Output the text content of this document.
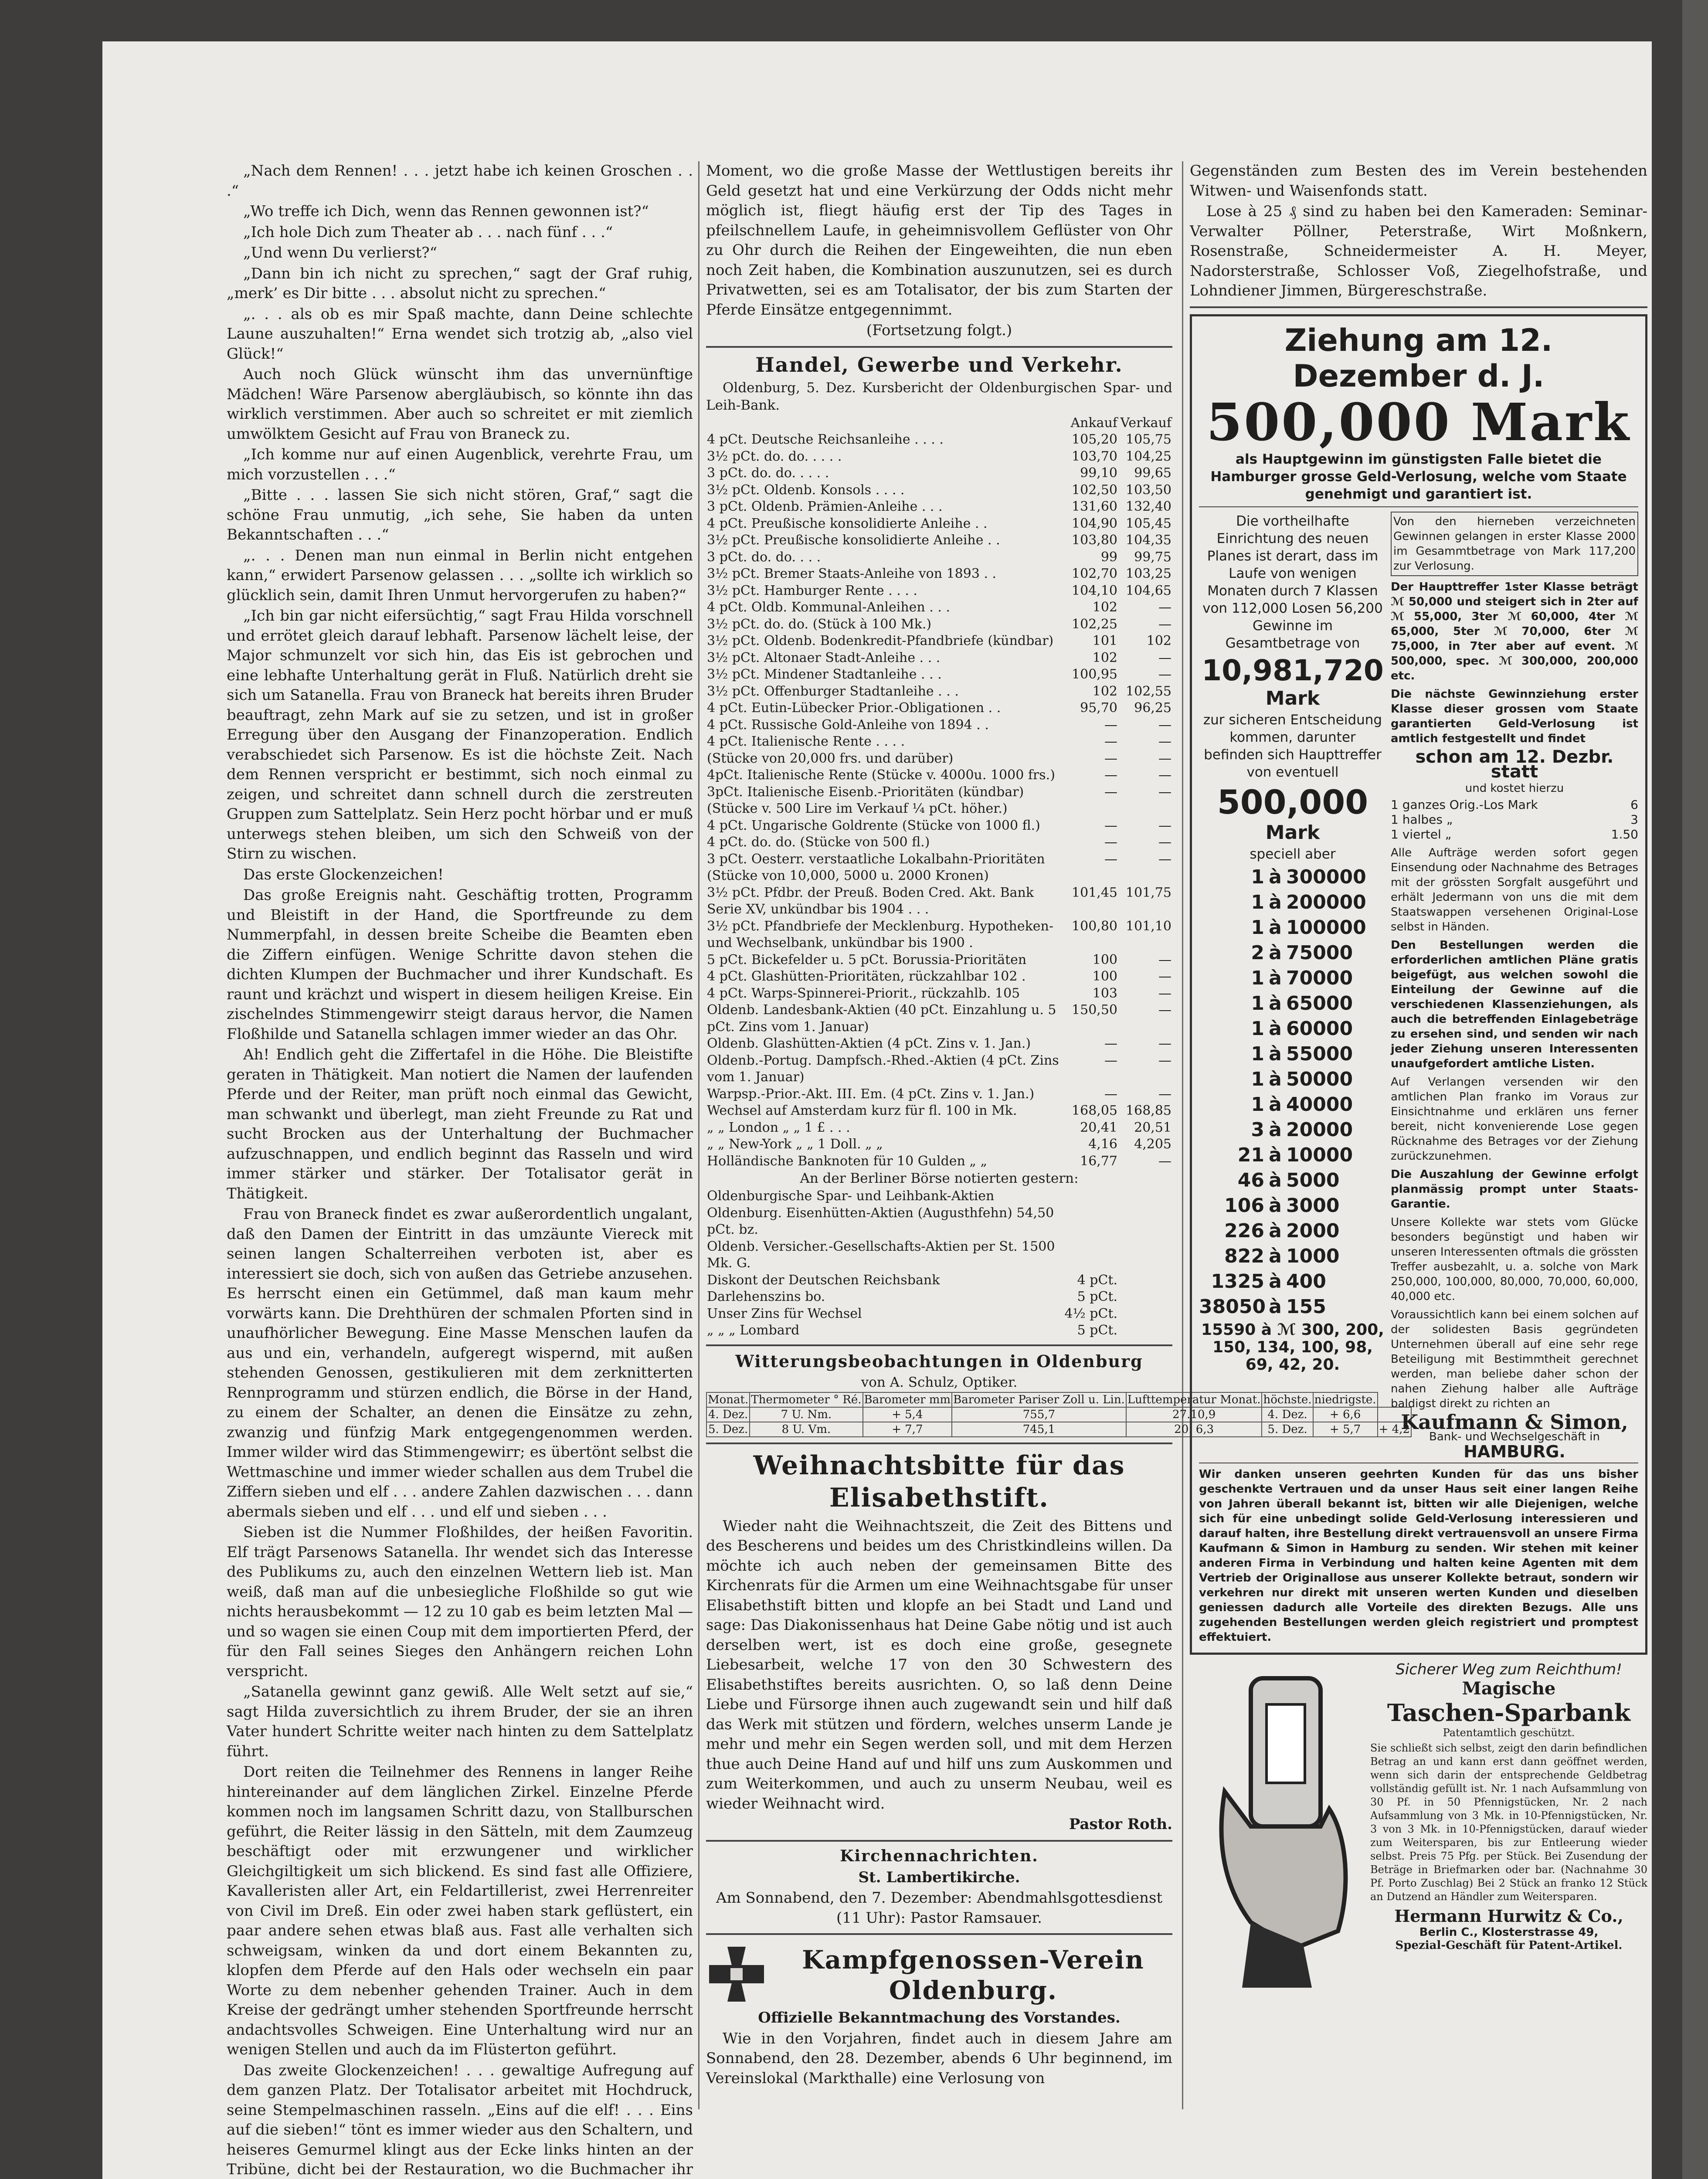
„Nach dem Rennen! . . . jetzt habe ich keinen Groschen . . .“

„Wo treffe ich Dich, wenn das Rennen gewonnen ist?“

„Ich hole Dich zum Theater ab . . . nach fünf . . .“

„Und wenn Du verlierst?“

„Dann bin ich nicht zu sprechen,“ sagt der Graf ruhig, „merk’ es Dir bitte . . . absolut nicht zu sprechen.“

„. . . als ob es mir Spaß machte, dann Deine schlechte Laune auszuhalten!“ Erna wendet sich trotzig ab, „also viel Glück!“

Auch noch Glück wünscht ihm das unvernünftige Mädchen! Wäre Parsenow abergläubisch, so könnte ihn das wirklich verstimmen. Aber auch so schreitet er mit ziemlich umwölktem Gesicht auf Frau von Braneck zu.

„Ich komme nur auf einen Augenblick, verehrte Frau, um mich vorzustellen . . .“

„Bitte . . . lassen Sie sich nicht stören, Graf,“ sagt die schöne Frau unmutig, „ich sehe, Sie haben da unten Bekanntschaften . . .“

„. . . Denen man nun einmal in Berlin nicht entgehen kann,“ erwidert Parsenow gelassen . . . „sollte ich wirklich so glücklich sein, damit Ihren Unmut hervorgerufen zu haben?“

„Ich bin gar nicht eifersüchtig,“ sagt Frau Hilda vorschnell und errötet gleich darauf lebhaft. Parsenow lächelt leise, der Major schmunzelt vor sich hin, das Eis ist gebrochen und eine lebhafte Unterhaltung gerät in Fluß. Natürlich dreht sie sich um Satanella. Frau von Braneck hat bereits ihren Bruder beauftragt, zehn Mark auf sie zu setzen, und ist in großer Erregung über den Ausgang der Finanzoperation. Endlich verabschiedet sich Parsenow. Es ist die höchste Zeit. Nach dem Rennen verspricht er bestimmt, sich noch einmal zu zeigen, und schreitet dann schnell durch die zerstreuten Gruppen zum Sattelplatz. Sein Herz pocht hörbar und er muß unterwegs stehen bleiben, um sich den Schweiß von der Stirn zu wischen.

Das erste Glockenzeichen!

Das große Ereignis naht. Geschäftig trotten, Programm und Bleistift in der Hand, die Sportfreunde zu dem Nummerpfahl, in dessen breite Scheibe die Beamten eben die Ziffern einfügen. Wenige Schritte davon stehen die dichten Klumpen der Buchmacher und ihrer Kundschaft. Es raunt und krächzt und wispert in diesem heiligen Kreise. Ein zischelndes Stimmengewirr steigt daraus hervor, die Namen Floßhilde und Satanella schlagen immer wieder an das Ohr.

Ah! Endlich geht die Ziffertafel in die Höhe. Die Bleistifte geraten in Thätigkeit. Man notiert die Namen der laufenden Pferde und der Reiter, man prüft noch einmal das Gewicht, man schwankt und überlegt, man zieht Freunde zu Rat und sucht Brocken aus der Unterhaltung der Buchmacher aufzuschnappen, und endlich beginnt das Rasseln und wird immer stärker und stärker. Der Totalisator gerät in Thätigkeit.

Frau von Braneck findet es zwar außerordentlich ungalant, daß den Damen der Eintritt in das umzäunte Viereck mit seinen langen Schalterreihen verboten ist, aber es interessiert sie doch, sich von außen das Getriebe anzusehen. Es herrscht einen ein Getümmel, daß man kaum mehr vorwärts kann. Die Drehthüren der schmalen Pforten sind in unaufhörlicher Bewegung. Eine Masse Menschen laufen da aus und ein, verhandeln, aufgeregt wispernd, mit außen stehenden Genossen, gestikulieren mit dem zerknitterten Rennprogramm und stürzen endlich, die Börse in der Hand, zu einem der Schalter, an denen die Einsätze zu zehn, zwanzig und fünfzig Mark entgegengenommen werden. Immer wilder wird das Stimmengewirr; es übertönt selbst die Wettmaschine und immer wieder schallen aus dem Trubel die Ziffern sieben und elf . . . andere Zahlen dazwischen . . . dann abermals sieben und elf . . . und elf und sieben . . .

Sieben ist die Nummer Floßhildes, der heißen Favoritin. Elf trägt Parsenows Satanella. Ihr wendet sich das Interesse des Publikums zu, auch den einzelnen Wettern lieb ist. Man weiß, daß man auf die unbesiegliche Floßhilde so gut wie nichts herausbekommt — 12 zu 10 gab es beim letzten Mal — und so wagen sie einen Coup mit dem importierten Pferd, der für den Fall seines Sieges den Anhängern reichen Lohn verspricht.

„Satanella gewinnt ganz gewiß. Alle Welt setzt auf sie,“ sagt Hilda zuversichtlich zu ihrem Bruder, der sie an ihren Vater hundert Schritte weiter nach hinten zu dem Sattelplatz führt.

Dort reiten die Teilnehmer des Rennens in langer Reihe hintereinander auf dem länglichen Zirkel. Einzelne Pferde kommen noch im langsamen Schritt dazu, von Stallburschen geführt, die Reiter lässig in den Sätteln, mit dem Zaumzeug beschäftigt oder mit erzwungener und wirklicher Gleichgiltigkeit um sich blickend. Es sind fast alle Offiziere, Kavalleristen aller Art, ein Feldartillerist, zwei Herrenreiter von Civil im Dreß. Ein oder zwei haben stark geflüstert, ein paar andere sehen etwas blaß aus. Fast alle verhalten sich schweigsam, winken da und dort einem Bekannten zu, klopfen dem Pferde auf den Hals oder wechseln ein paar Worte zu dem nebenher gehenden Trainer. Auch in dem Kreise der gedrängt umher stehenden Sportfreunde herrscht andachtsvolles Schweigen. Eine Unterhaltung wird nur an wenigen Stellen und auch da im Flüsterton geführt.

Das zweite Glockenzeichen! . . . gewaltige Aufregung auf dem ganzen Platz. Der Totalisator arbeitet mit Hochdruck, seine Stempelmaschinen rasseln. „Eins auf die elf! . . . Eins auf die sieben!“ tönt es immer wieder aus den Schaltern, und heiseres Gemurmel klingt aus der Ecke links hinten an der Tribüne, dicht bei der Restauration, wo die Buchmacher ihr

Moment, wo die große Masse der Wettlustigen bereits ihr Geld gesetzt hat und eine Verkürzung der Odds nicht mehr möglich ist, fliegt häufig erst der Tip des Tages in pfeilschnellem Laufe, in geheimnisvollem Geflüster von Ohr zu Ohr durch die Reihen der Eingeweihten, die nun eben noch Zeit haben, die Kombination auszunutzen, sei es durch Privatwetten, sei es am Totalisator, der bis zum Starten der Pferde Einsätze entgegennimmt.

(Fortsetzung folgt.)

Handel, Gewerbe und Verkehr.

Oldenburg, 5. Dez. Kursbericht der Oldenburgischen Spar- und Leih-Bank.

	Ankauf	Verkauf
4 pCt. Deutsche Reichsanleihe . . . .	105,20	105,75
3½ pCt. do. do. . . . .	103,70	104,25
3 pCt. do. do. . . . .	99,10	99,65
3½ pCt. Oldenb. Konsols . . . .	102,50	103,50
3 pCt. Oldenb. Prämien-Anleihe . . .	131,60	132,40
4 pCt. Preußische konsolidierte Anleihe . .	104,90	105,45
3½ pCt. Preußische konsolidierte Anleihe . .	103,80	104,35
3 pCt. do. do. . . .	99	99,75
3½ pCt. Bremer Staats-Anleihe von 1893 . .	102,70	103,25
3½ pCt. Hamburger Rente . . . .	104,10	104,65
4 pCt. Oldb. Kommunal-Anleihen . . .	102	—
3½ pCt. do. do. (Stück à 100 Mk.)	102,25	—
3½ pCt. Oldenb. Bodenkredit-Pfandbriefe (kündbar)	101	102
3½ pCt. Altonaer Stadt-Anleihe . . .	102	—
3½ pCt. Mindener Stadtanleihe . . .	100,95	—
3½ pCt. Offenburger Stadtanleihe . . .	102	102,55
4 pCt. Eutin-Lübecker Prior.-Obligationen . .	95,70	96,25
4 pCt. Russische Gold-Anleihe von 1894 . .	—	—
4 pCt. Italienische Rente . . . .	—	—
(Stücke von 20,000 frs. und darüber)	—	—
4pCt. Italienische Rente (Stücke v. 4000u. 1000 frs.)	—	—
3pCt. Italienische Eisenb.-Prioritäten (kündbar)	—	—
(Stücke v. 500 Lire im Verkauf ¼ pCt. höher.)		
4 pCt. Ungarische Goldrente (Stücke von 1000 fl.)	—	—
4 pCt. do. do. (Stücke von 500 fl.)	—	—
3 pCt. Oesterr. verstaatliche Lokalbahn-Prioritäten	—	—
(Stücke von 10,000, 5000 u. 2000 Kronen)		
3½ pCt. Pfdbr. der Preuß. Boden Cred. Akt. Bank Serie XV, unkündbar bis 1904 . . .	101,45	101,75
3½ pCt. Pfandbriefe der Mecklenburg. Hypotheken- und Wechselbank, unkündbar bis 1900 .	100,80	101,10
5 pCt. Bickefelder u. 5 pCt. Borussia-Prioritäten	100	—
4 pCt. Glashütten-Prioritäten, rückzahlbar 102 .	100	—
4 pCt. Warps-Spinnerei-Priorit., rückzahlb. 105	103	—
Oldenb. Landesbank-Aktien (40 pCt. Einzahlung u. 5 pCt. Zins vom 1. Januar)	150,50	—
Oldenb. Glashütten-Aktien (4 pCt. Zins v. 1. Jan.)	—	—
Oldenb.-Portug. Dampfsch.-Rhed.-Aktien (4 pCt. Zins vom 1. Januar)	—	—
Warpsp.-Prior.-Akt. III. Em. (4 pCt. Zins v. 1. Jan.)	—	—
Wechsel auf Amsterdam kurz für fl. 100 in Mk.	168,05	168,85
„ „ London „ „ 1 £ . . .	20,41	20,51
„ „ New-York „ „ 1 Doll. „ „	4,16	4,205
Holländische Banknoten für 10 Gulden „ „	16,77	—

An der Berliner Börse notierten gestern:

Oldenburgische Spar- und Leihbank-Aktien		
Oldenburg. Eisenhütten-Aktien (Augusthfehn) 54,50 pCt. bz.		
Oldenb. Versicher.-Gesellschafts-Aktien per St. 1500 Mk. G.		
Diskont der Deutschen Reichsbank	4 pCt.	
Darlehenszins bo.	5 pCt.	
Unser Zins für Wechsel	4½ pCt.	
„ „ „ Lombard	5 pCt.	
Witterungsbeobachtungen in Oldenburg

von A. Schulz, Optiker.

Monat.	Thermometer ° Ré.	Barometer mm	Barometer Pariser Zoll u. Lin.	Lufttemperatur Monat.	höchste.	niedrigste.	
4. Dez.	7 U. Nm.	+ 5,4	755,7	27.10,9	4. Dez.	+ 6,6	
5. Dez.	8 U. Vm.	+ 7,7	745,1	20. 6,3	5. Dez.	+ 5,7	+ 4,2
Weihnachtsbitte für das Elisabethstift.

Wieder naht die Weihnachtszeit, die Zeit des Bittens und des Bescherens und beides um des Christkindleins willen. Da möchte ich auch neben der gemeinsamen Bitte des Kirchenrats für die Armen um eine Weihnachtsgabe für unser Elisabethstift bitten und klopfe an bei Stadt und Land und sage: Das Diakonissenhaus hat Deine Gabe nötig und ist auch derselben wert, ist es doch eine große, gesegnete Liebesarbeit, welche 17 von den 30 Schwestern des Elisabethstiftes bereits ausrichten. O, so laß denn Deine Liebe und Fürsorge ihnen auch zugewandt sein und hilf daß das Werk mit stützen und fördern, welches unserm Lande je mehr und mehr ein Segen werden soll, und mit dem Herzen thue auch Deine Hand auf und hilf uns zum Auskommen und zum Weiterkommen, und auch zu unserm Neubau, weil es wieder Weihnacht wird.

Pastor Roth.

Kirchennachrichten.

St. Lambertikirche.

Am Sonnabend, den 7. Dezember: Abendmahlsgottesdienst (11 Uhr): Pastor Ramsauer.

Kampfgenossen-Verein Oldenburg.

Offizielle Bekanntmachung des Vorstandes.

Wie in den Vorjahren, findet auch in diesem Jahre am Sonnabend, den 28. Dezember, abends 6 Uhr beginnend, im Vereinslokal (Markthalle) eine Verlosung von

Gegenständen zum Besten des im Verein bestehenden Witwen- und Waisenfonds statt.

Lose à 25 ₰ sind zu haben bei den Kameraden: Seminar-Verwalter Pöllner, Peterstraße, Wirt Moßnkern, Rosenstraße, Schneidermeister A. H. Meyer, Nadorsterstraße, Schlosser Voß, Ziegelhofstraße, und Lohndiener Jimmen, Bürgereschstraße.

Ziehung am 12. Dezember d. J.
500,000 Mark
als Hauptgewinn im günstigsten Falle bietet die Hamburger grosse Geld-Verlosung, welche vom Staate genehmigt und garantiert ist.

Die vortheilhafte Einrichtung des neuen Planes ist derart, dass im Laufe von wenigen Monaten durch 7 Klassen von 112,000 Losen 56,200 Gewinne im Gesamtbetrage von

10,981,720
Mark

zur sicheren Entscheidung kommen, darunter befinden sich Haupttreffer von eventuell

500,000
Mark

speciell aber

1 à 300000
1 à 200000
1 à 100000
2 à 75000
1 à 70000
1 à 65000
1 à 60000
1 à 55000
1 à 50000
1 à 40000
3 à 20000
21 à 10000
46 à 5000
106 à 3000
226 à 2000
822 à 1000
1325 à 400
38050 à 155

15590 à ℳ 300, 200, 150, 134, 100, 98, 69, 42, 20.

Von den hierneben verzeichneten Gewinnen gelangen in erster Klasse 2000 im Gesammtbetrage von Mark 117,200 zur Verlosung.

Der Haupttreffer 1ster Klasse beträgt ℳ 50,000 und steigert sich in 2ter auf ℳ 55,000, 3ter ℳ 60,000, 4ter ℳ 65,000, 5ter ℳ 70,000, 6ter ℳ 75,000, in 7ter aber auf event. ℳ 500,000, spec. ℳ 300,000, 200,000 etc.

Die nächste Gewinnziehung erster Klasse dieser grossen vom Staate garantierten Geld-Verlosung ist amtlich festgestellt und findet

schon am 12. Dezbr. statt

und kostet hierzu

1 ganzes Orig.-Los Mark	6
1 halbes „	3
1 viertel „	1.50

Alle Aufträge werden sofort gegen Einsendung oder Nachnahme des Betrages mit der grössten Sorgfalt ausgeführt und erhält Jedermann von uns die mit dem Staatswappen versehenen Original-Lose selbst in Händen.

Den Bestellungen werden die erforderlichen amtlichen Pläne gratis beigefügt, aus welchen sowohl die Einteilung der Gewinne auf die verschiedenen Klassenziehungen, als auch die betreffenden Einlagebeträge zu ersehen sind, und senden wir nach jeder Ziehung unseren Interessenten unaufgefordert amtliche Listen.

Auf Verlangen versenden wir den amtlichen Plan franko im Voraus zur Einsichtnahme und erklären uns ferner bereit, nicht konvenierende Lose gegen Rücknahme des Betrages vor der Ziehung zurückzunehmen.

Die Auszahlung der Gewinne erfolgt planmässig prompt unter Staats-Garantie.

Unsere Kollekte war stets vom Glücke besonders begünstigt und haben wir unseren Interessenten oftmals die grössten Treffer ausbezahlt, u. a. solche von Mark 250,000, 100,000, 80,000, 70,000, 60,000, 40,000 etc.

Voraussichtlich kann bei einem solchen auf der solidesten Basis gegründeten Unternehmen überall auf eine sehr rege Beteiligung mit Bestimmtheit gerechnet werden, man beliebe daher schon der nahen Ziehung halber alle Aufträge baldigst direkt zu richten an

Kaufmann & Simon,
Bank- und Wechselgeschäft in
HAMBURG.

Wir danken unseren geehrten Kunden für das uns bisher geschenkte Vertrauen und da unser Haus seit einer langen Reihe von Jahren überall bekannt ist, bitten wir alle Diejenigen, welche sich für eine unbedingt solide Geld-Verlosung interessieren und darauf halten, ihre Bestellung direkt vertrauensvoll an unsere Firma Kaufmann & Simon in Hamburg zu senden. Wir stehen mit keiner anderen Firma in Verbindung und halten keine Agenten mit dem Vertrieb der Originallose aus unserer Kollekte betraut, sondern wir verkehren nur direkt mit unseren werten Kunden und dieselben geniessen dadurch alle Vorteile des direkten Bezugs. Alle uns zugehenden Bestellungen werden gleich registriert und promptest effektuiert.

Sicherer Weg zum Reichthum!
Magische
Taschen-Sparbank
Patentamtlich geschützt.

Sie schließt sich selbst, zeigt den darin befindlichen Betrag an und kann erst dann geöffnet werden, wenn sich darin der entsprechende Geldbetrag vollständig gefüllt ist. Nr. 1 nach Aufsammlung von 30 Pf. in 50 Pfennigstücken, Nr. 2 nach Aufsammlung von 3 Mk. in 10-Pfennigstücken, Nr. 3 von 3 Mk. in 10-Pfennigstücken, darauf wieder zum Weitersparen, bis zur Entleerung wieder selbst. Preis 75 Pfg. per Stück. Bei Zusendung der Beträge in Briefmarken oder bar. (Nachnahme 30 Pf. Porto Zuschlag) Bei 2 Stück an franko 12 Stück an Dutzend an Händler zum Weitersparen.

Hermann Hurwitz & Co.,
Berlin C., Klosterstrasse 49,
Spezial-Geschäft für Patent-Artikel.
